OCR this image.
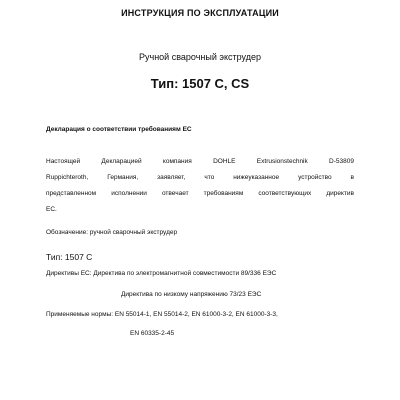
ИНСТРУКЦИЯ ПО ЭКСПЛУАТАЦИИ
Ручной сварочный экструдер
Тип: 1507 С, CS
Декларация о соответствии требованиям ЕС
Настоящей Декларацией компания DOHLE Extrusionstechnik D-53809
Ruppichteroth, Германия, заявляет, что нижеуказанное устройство в
представленном исполнении отвечает требованиям соответствующих директив
ЕС.
Обозначение: ручной сварочный экструдер
Тип: 1507 С
Директивы ЕС: Директива по электромагнитной совместимости 89/336 ЕЭС
Директива по низкому напряжению 73/23 ЕЭС
Применяемые нормы: EN 55014-1, EN 55014-2, EN 61000-3-2, EN 61000-3-3,
EN 60335-2-45
